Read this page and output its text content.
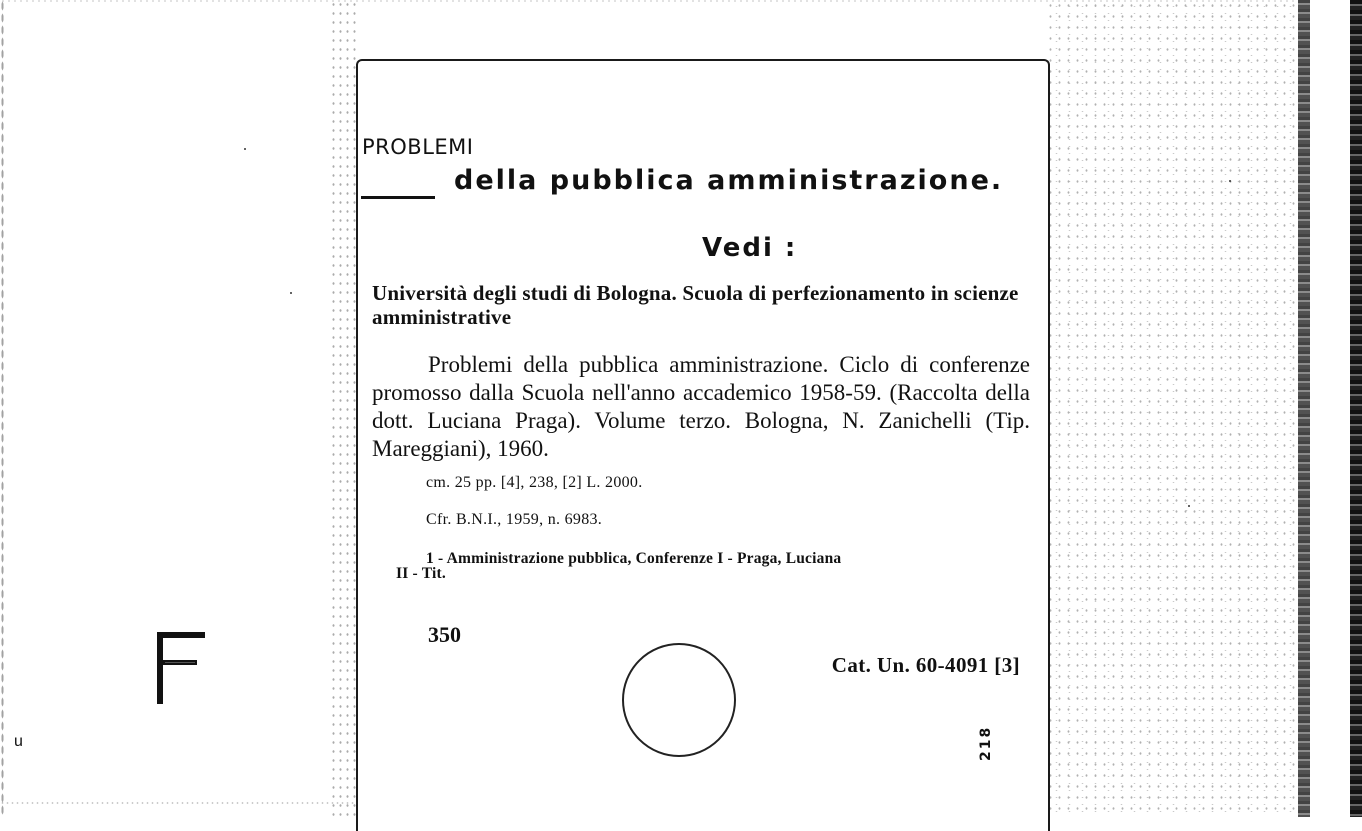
u
PROBLEMI
della pubblica amministrazione.
Vedi :
Università degli studi di Bologna. Scuola di perfezionamento in scienze amministrative
Problemi della pubblica amministrazione. Ciclo di conferenze promosso dalla Scuola nell'anno accademico 1958-59. (Raccolta della dott. Luciana Praga). Volume terzo. Bologna, N. Zanichelli (Tip. Mareggiani), 1960.
cm. 25 pp. [4], 238, [2] L. 2000.
Cfr. B.N.I., 1959, n. 6983.
1 - Amministrazione pubblica, Conferenze I - Praga, Luciana
II - Tit.
350
Cat. Un. 60-4091 [3]
218
